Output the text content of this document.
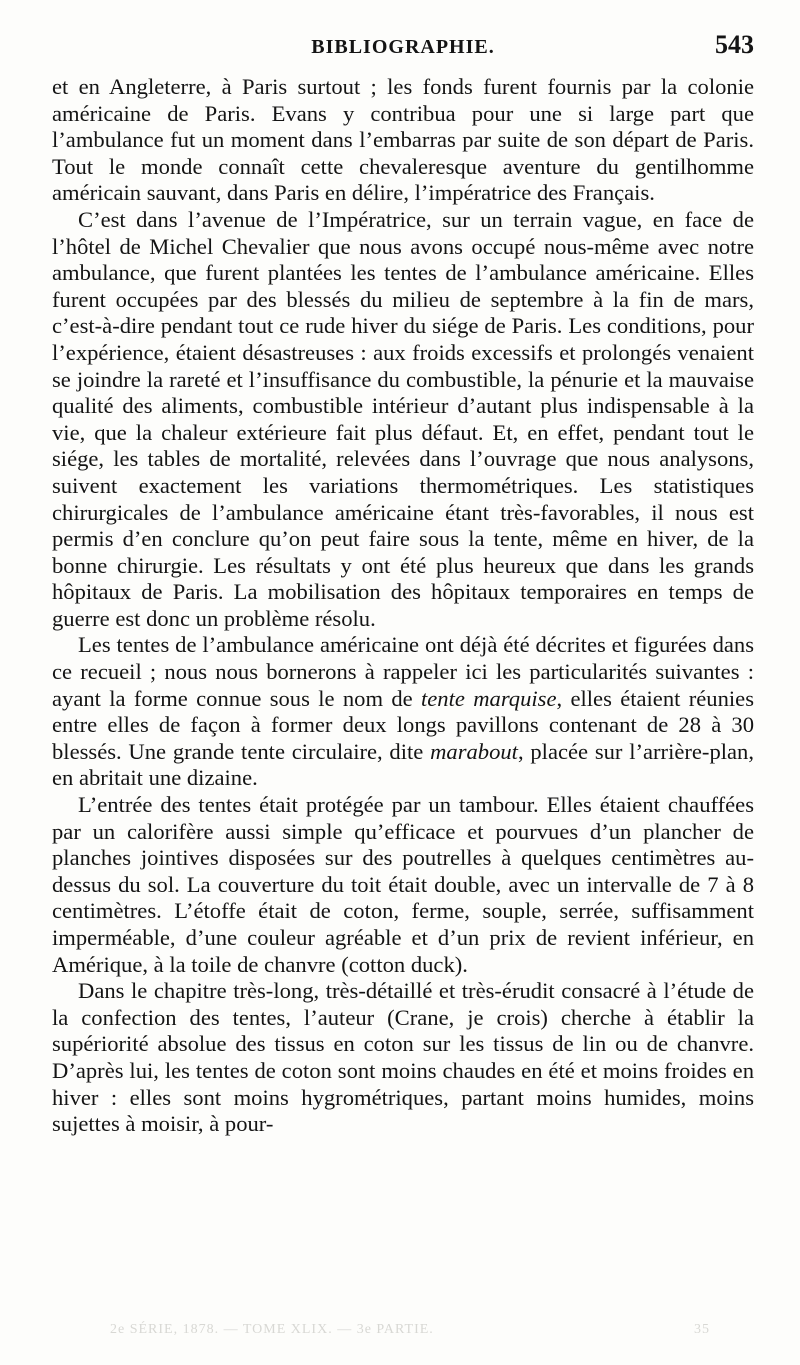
BIBLIOGRAPHIE.	543

et en Angleterre, à Paris surtout ; les fonds furent fournis par la colonie américaine de Paris. Evans y contribua pour une si large part que l’ambulance fut un moment dans l’embarras par suite de son départ de Paris. Tout le monde connaît cette chevaleresque aventure du gentilhomme américain sauvant, dans Paris en délire, l’impératrice des Français.

C’est dans l’avenue de l’Impératrice, sur un terrain vague, en face de l’hôtel de Michel Chevalier que nous avons occupé nous-même avec notre ambulance, que furent plantées les tentes de l’ambulance américaine. Elles furent occupées par des blessés du milieu de septembre à la fin de mars, c’est-à-dire pendant tout ce rude hiver du siége de Paris. Les conditions, pour l’expérience, étaient désastreuses : aux froids excessifs et prolongés venaient se joindre la rareté et l’insuffisance du combustible, la pénurie et la mauvaise qualité des aliments, combustible intérieur d’autant plus indispensable à la vie, que la chaleur extérieure fait plus défaut. Et, en effet, pendant tout le siége, les tables de mortalité, relevées dans l’ouvrage que nous analysons, suivent exactement les variations thermométriques. Les statistiques chirurgicales de l’ambulance américaine étant très-favorables, il nous est permis d’en conclure qu’on peut faire sous la tente, même en hiver, de la bonne chirurgie. Les résultats y ont été plus heureux que dans les grands hôpitaux de Paris. La mobilisation des hôpitaux temporaires en temps de guerre est donc un problème résolu.

Les tentes de l’ambulance américaine ont déjà été décrites et figurées dans ce recueil ; nous nous bornerons à rappeler ici les particularités suivantes : ayant la forme connue sous le nom de tente marquise, elles étaient réunies entre elles de façon à former deux longs pavillons contenant de 28 à 30 blessés. Une grande tente circulaire, dite marabout, placée sur l’arrière-plan, en abritait une dizaine.

L’entrée des tentes était protégée par un tambour. Elles étaient chauffées par un calorifère aussi simple qu’efficace et pourvues d’un plancher de planches jointives disposées sur des poutrelles à quelques centimètres au-dessus du sol. La couverture du toit était double, avec un intervalle de 7 à 8 centimètres. L’étoffe était de coton, ferme, souple, serrée, suffisamment imperméable, d’une couleur agréable et d’un prix de revient inférieur, en Amérique, à la toile de chanvre (cotton duck).

Dans le chapitre très-long, très-détaillé et très-érudit consacré à l’étude de la confection des tentes, l’auteur (Crane, je crois) cherche à établir la supériorité absolue des tissus en coton sur les tissus de lin ou de chanvre. D’après lui, les tentes de coton sont moins chaudes en été et moins froides en hiver : elles sont moins hygrométriques, partant moins humides, moins sujettes à moisir, à pour-

2e SÉRIE, 1878. — TOME XLIX. — 3e PARTIE.	35
